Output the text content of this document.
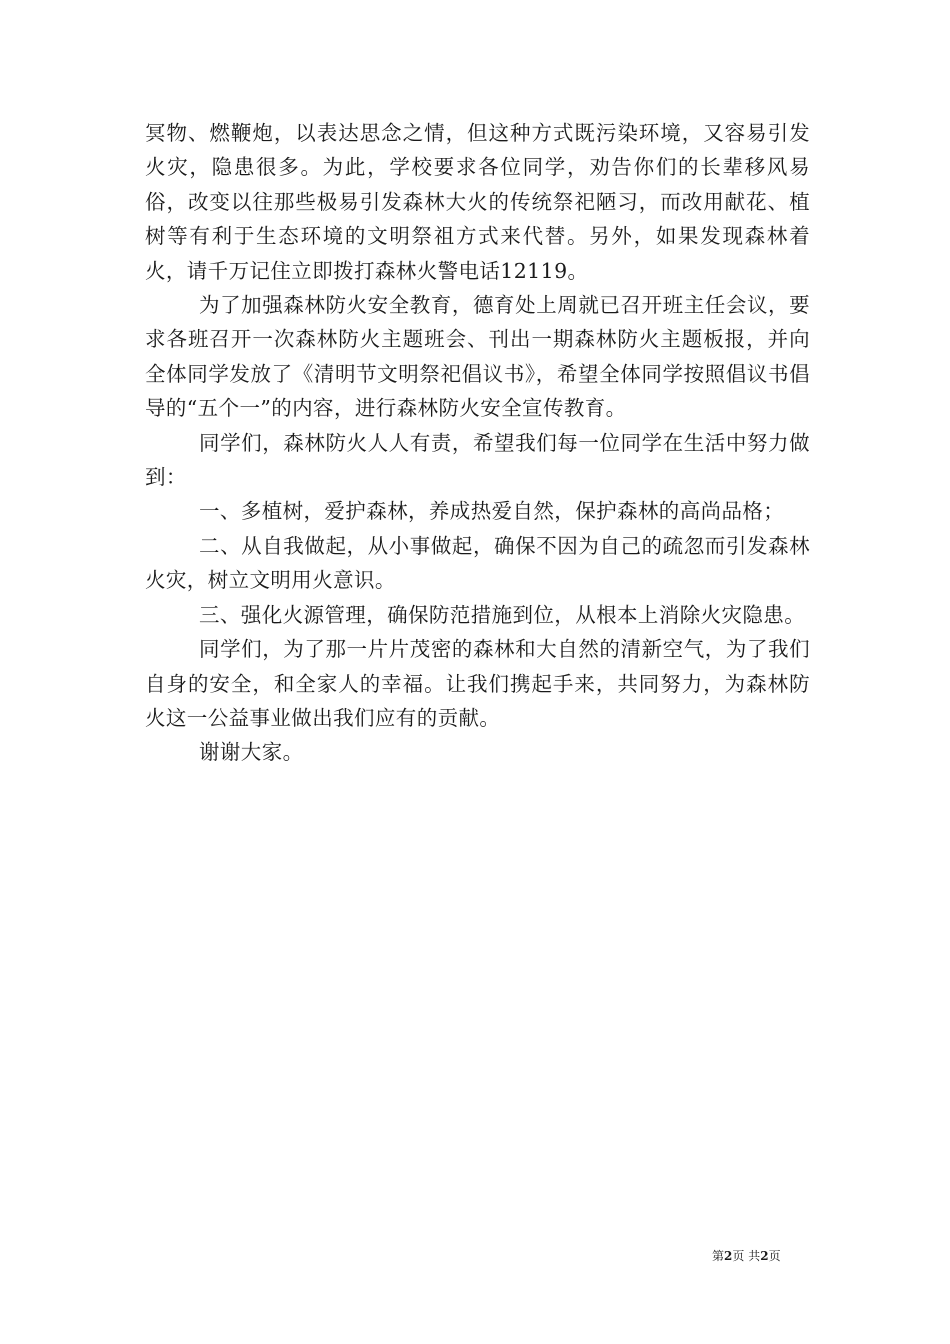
冥物、燃鞭炮，以表达思念之情，但这种方式既污染环境，又容易引发火灾，隐患很多。为此，学校要求各位同学，劝告你们的长辈移风易俗，改变以往那些极易引发森林大火的传统祭祀陋习，而改用献花、植树等有利于生态环境的文明祭祖方式来代替。另外，如果发现森林着火，请千万记住立即拨打森林火警电话12119。

为了加强森林防火安全教育，德育处上周就已召开班主任会议，要求各班召开一次森林防火主题班会、刊出一期森林防火主题板报，并向全体同学发放了《清明节文明祭祀倡议书》，希望全体同学按照倡议书倡导的“五个一”的内容，进行森林防火安全宣传教育。

同学们，森林防火人人有责，希望我们每一位同学在生活中努力做到：

一、多植树，爱护森林，养成热爱自然，保护森林的高尚品格；

二、从自我做起，从小事做起，确保不因为自己的疏忽而引发森林火灾，树立文明用火意识。

三、强化火源管理，确保防范措施到位，从根本上消除火灾隐患。

同学们，为了那一片片茂密的森林和大自然的清新空气，为了我们自身的安全，和全家人的幸福。让我们携起手来，共同努力，为森林防火这一公益事业做出我们应有的贡献。

谢谢大家。

第2页 共2页
